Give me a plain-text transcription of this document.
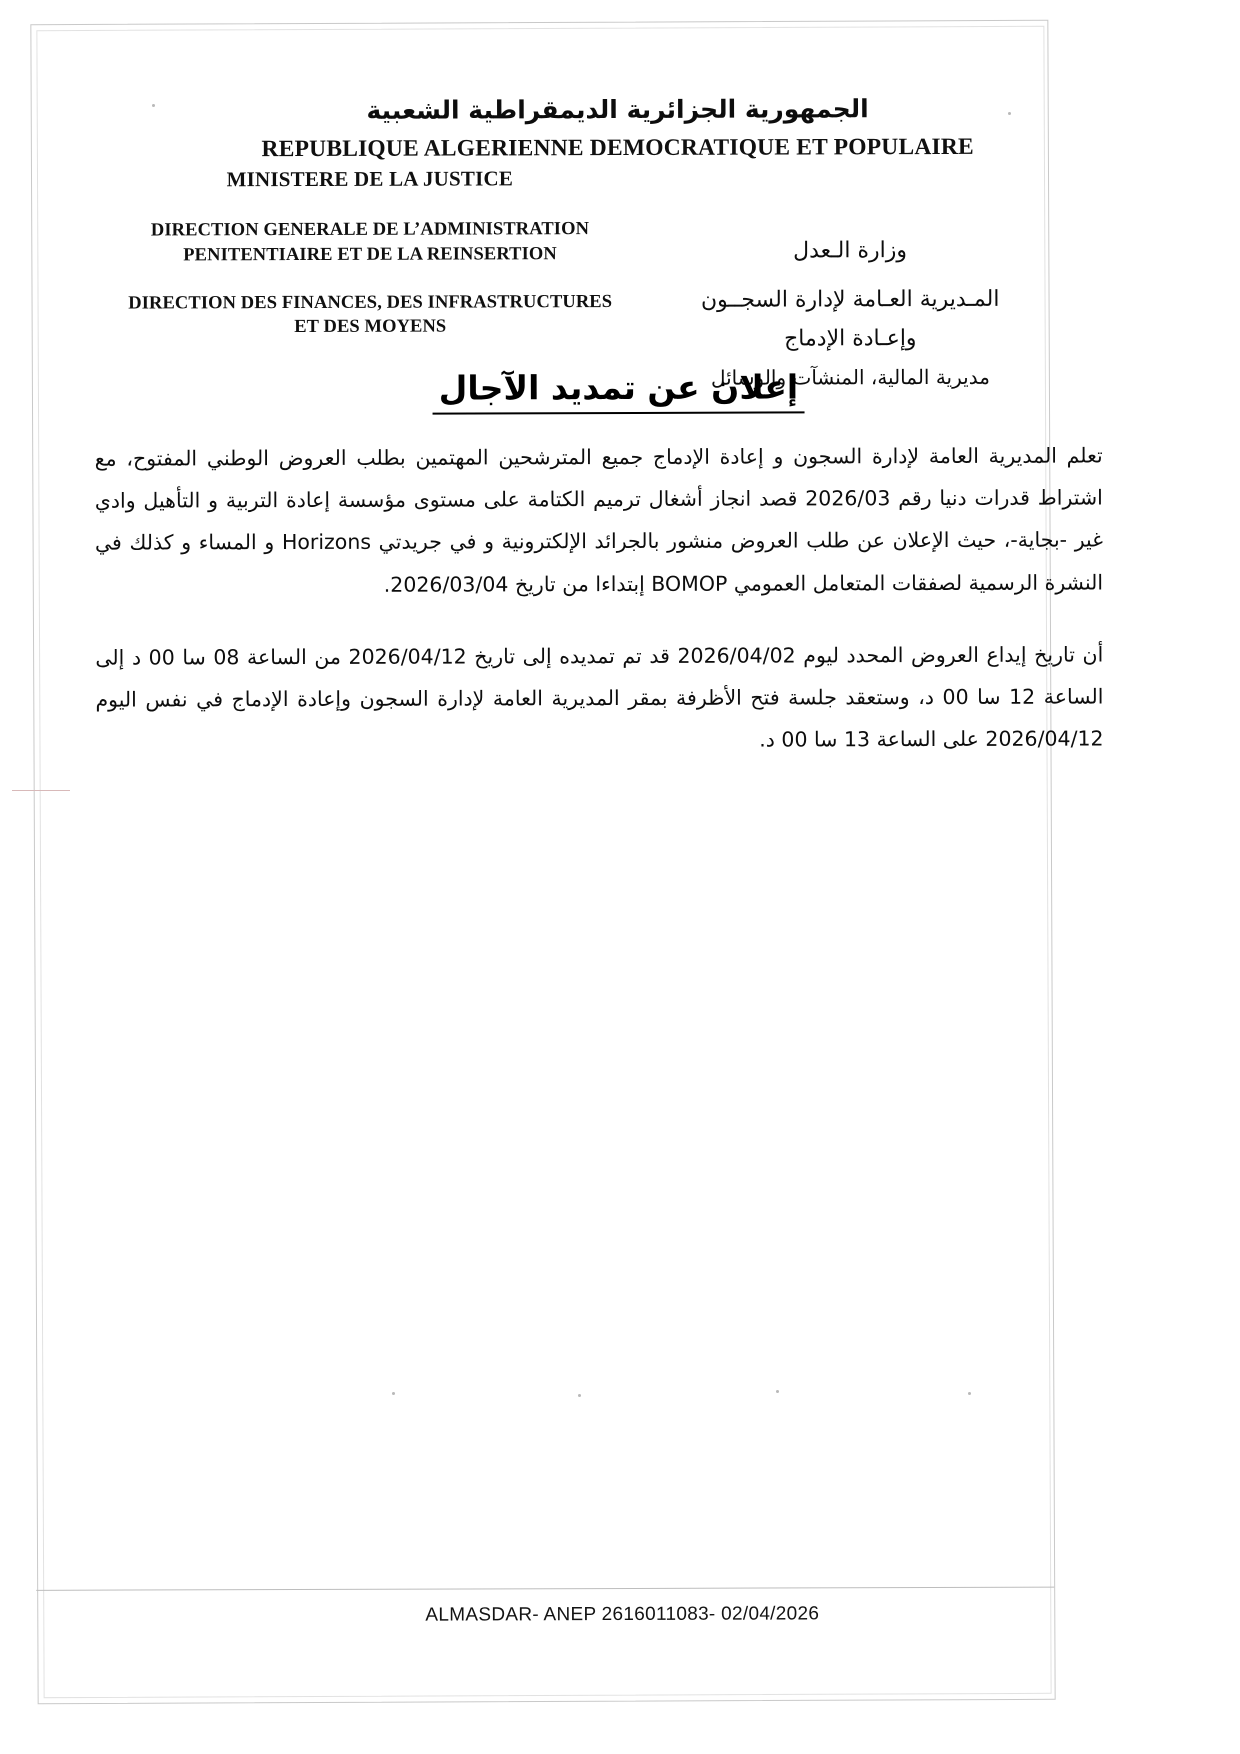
الجمهورية الجزائرية الديمقراطية الشعبية
REPUBLIQUE ALGERIENNE DEMOCRATIQUE ET POPULAIRE
MINISTERE DE LA JUSTICE
DIRECTION GENERALE DE L’ADMINISTRATION
PENITENTIAIRE ET DE LA REINSERTION
DIRECTION DES FINANCES, DES INFRASTRUCTURES
ET DES MOYENS
وزارة الـعدل
المـديرية العـامة لإدارة السجــون
وإعـادة الإدماج
مديرية المالية، المنشآت والوسائل
إعلان عن تمديد الآجال

تعلم المديرية العامة لإدارة السجون و إعادة الإدماج جميع المترشحين المهتمين بطلب العروض الوطني المفتوح، مع اشتراط قدرات دنيا رقم 2026/03 قصد انجاز أشغال ترميم الكتامة على مستوى مؤسسة إعادة التربية و التأهيل وادي غير -بجاية-، حيث الإعلان عن طلب العروض منشور بالجرائد الإلكترونية و في جريدتي Horizons و المساء و كذلك في النشرة الرسمية لصفقات المتعامل العمومي BOMOP إبتداءا من تاريخ 2026/03/04.

أن تاريخ إيداع العروض المحدد ليوم 2026/04/02 قد تم تمديده إلى تاريخ 2026/04/12 من الساعة 08 سا 00 د إلى الساعة 12 سا 00 د، وستعقد جلسة فتح الأظرفة بمقر المديرية العامة لإدارة السجون وإعادة الإدماج في نفس اليوم 2026/04/12 على الساعة 13 سا 00 د.

ALMASDAR- ANEP 2616011083- 02/04/2026
